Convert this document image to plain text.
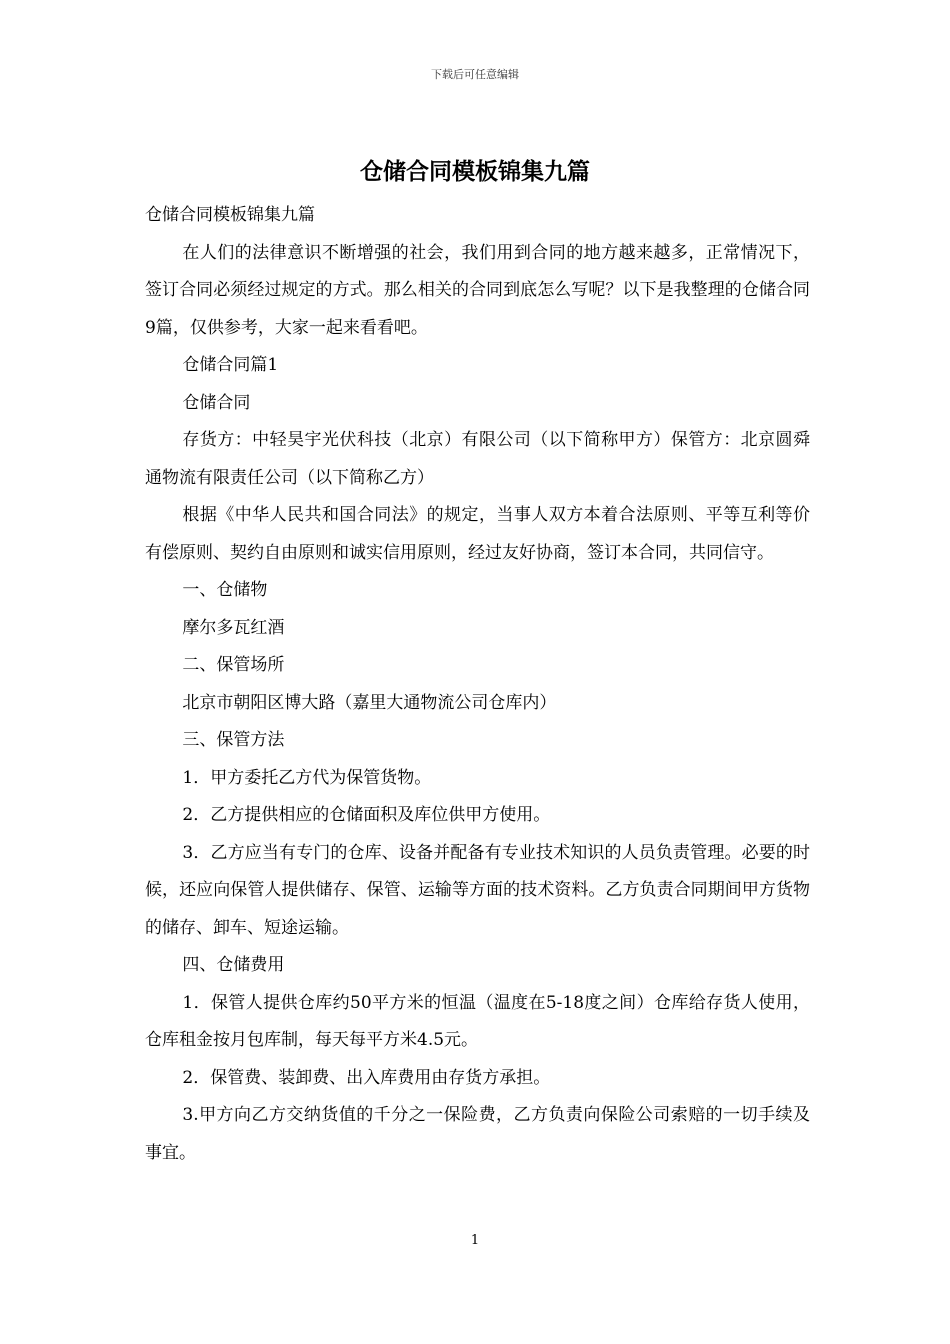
下载后可任意编辑
仓储合同模板锦集九篇

仓储合同模板锦集九篇

在人们的法律意识不断增强的社会，我们用到合同的地方越来越多，正常情况下，签订合同必须经过规定的方式。那么相关的合同到底怎么写呢？以下是我整理的仓储合同9篇，仅供参考，大家一起来看看吧。

仓储合同篇1

仓储合同

存货方：中轻昊宇光伏科技（北京）有限公司（以下简称甲方）保管方：北京圆舜通物流有限责任公司（以下简称乙方）

根据《中华人民共和国合同法》的规定，当事人双方本着合法原则、平等互利等价有偿原则、契约自由原则和诚实信用原则，经过友好协商，签订本合同，共同信守。

一、仓储物

摩尔多瓦红酒

二、保管场所

北京市朝阳区博大路（嘉里大通物流公司仓库内）

三、保管方法

1．甲方委托乙方代为保管货物。

2．乙方提供相应的仓储面积及库位供甲方使用。

3．乙方应当有专门的仓库、设备并配备有专业技术知识的人员负责管理。必要的时候，还应向保管人提供储存、保管、运输等方面的技术资料。乙方负责合同期间甲方货物的储存、卸车、短途运输。

四、仓储费用

1．保管人提供仓库约50平方米的恒温（温度在5-18度之间）仓库给存货人使用，仓库租金按月包库制，每天每平方米4.5元。

2．保管费、装卸费、出入库费用由存货方承担。

3.甲方向乙方交纳货值的千分之一保险费，乙方负责向保险公司索赔的一切手续及事宜。

1
